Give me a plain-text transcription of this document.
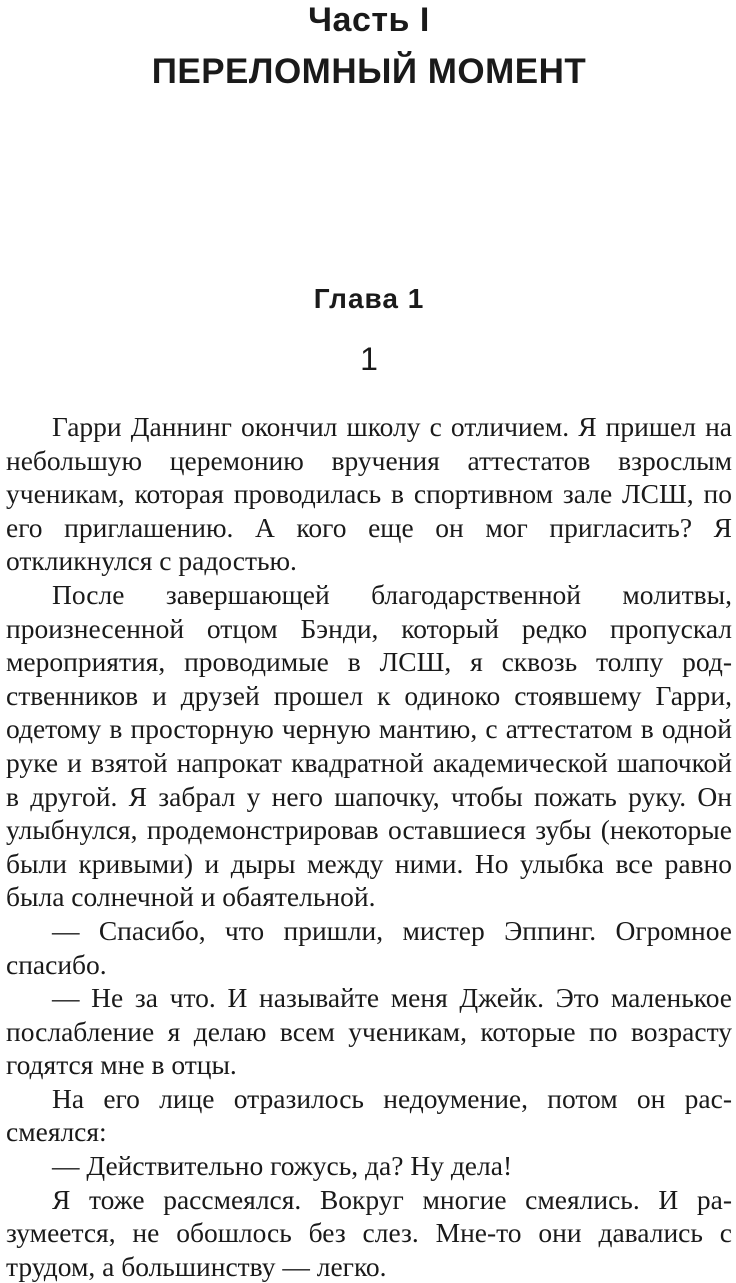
Часть I
ПЕРЕЛОМНЫЙ МОМЕНТ
Глава 1
1

Гарри Даннинг окончил школу с отличием. Я пришел на небольшую церемонию вручения аттестатов взрослым ученикам, которая проводилась в спортивном зале ЛСШ, по его приглашению. А кого еще он мог пригласить? Я откликнулся с радостью.

После завершающей благодарственной молитвы, произнесенной отцом Бэнди, который редко пропускал мероприятия, проводимые в ЛСШ, я сквозь толпу родственников и друзей прошел к одиноко стоявшему Гарри, одетому в просторную черную мантию, с аттестатом в одной руке и взятой напрокат квадратной академической шапочкой в другой. Я забрал у него шапочку, чтобы пожать руку. Он улыбнулся, продемонстрировав оставшиеся зубы (некоторые были кривыми) и дыры между ними. Но улыбка все равно была солнечной и обаятельной.

— Спасибо, что пришли, мистер Эппинг. Огромное спасибо.

— Не за что. И называйте меня Джейк. Это маленькое послабление я делаю всем ученикам, которые по возрасту годятся мне в отцы.

На его лице отразилось недоумение, потом он рассмеялся:

— Действительно гожусь, да? Ну дела!

Я тоже рассмеялся. Вокруг многие смеялись. И разумеется, не обошлось без слез. Мне-то они давались с трудом, а большинству — легко.
